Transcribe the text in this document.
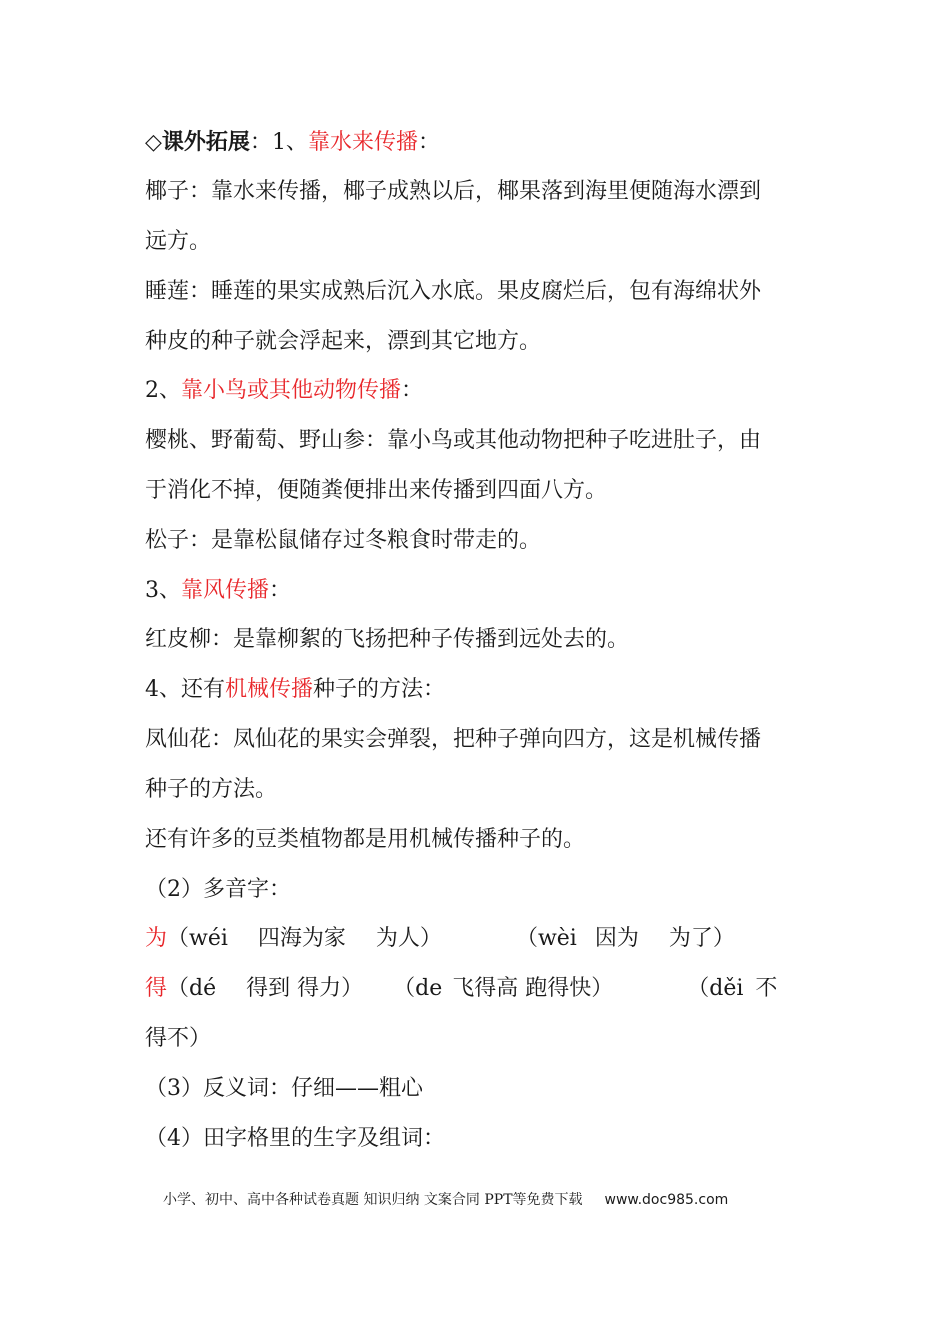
◇课外拓展：1、靠水来传播：
椰子：靠水来传播，椰子成熟以后，椰果落到海里便随海水漂到
远方。
睡莲：睡莲的果实成熟后沉入水底。果皮腐烂后，包有海绵状外
种皮的种子就会浮起来，漂到其它地方。
2、靠小鸟或其他动物传播：
樱桃、野葡萄、野山参：靠小鸟或其他动物把种子吃进肚子，由
于消化不掉，便随粪便排出来传播到四面八方。
松子：是靠松鼠储存过冬粮食时带走的。
3、靠风传播：
红皮柳：是靠柳絮的飞扬把种子传播到远处去的。
4、还有机械传播种子的方法：
凤仙花：凤仙花的果实会弹裂，把种子弹向四方，这是机械传播
种子的方法。
还有许多的豆类植物都是用机械传播种子的。
（2）多音字：
为（wéi 四海为家 为人）	（wèi 因为 为了）
得（dé 得到 得力） （de 飞得高 跑得快）	（děi 不
得不）
（3）反义词：仔细——粗心
（4）田字格里的生字及组词：
小学、初中、高中各种试卷真题 知识归纳 文案合同 PPT等免费下载 www.doc985.com
